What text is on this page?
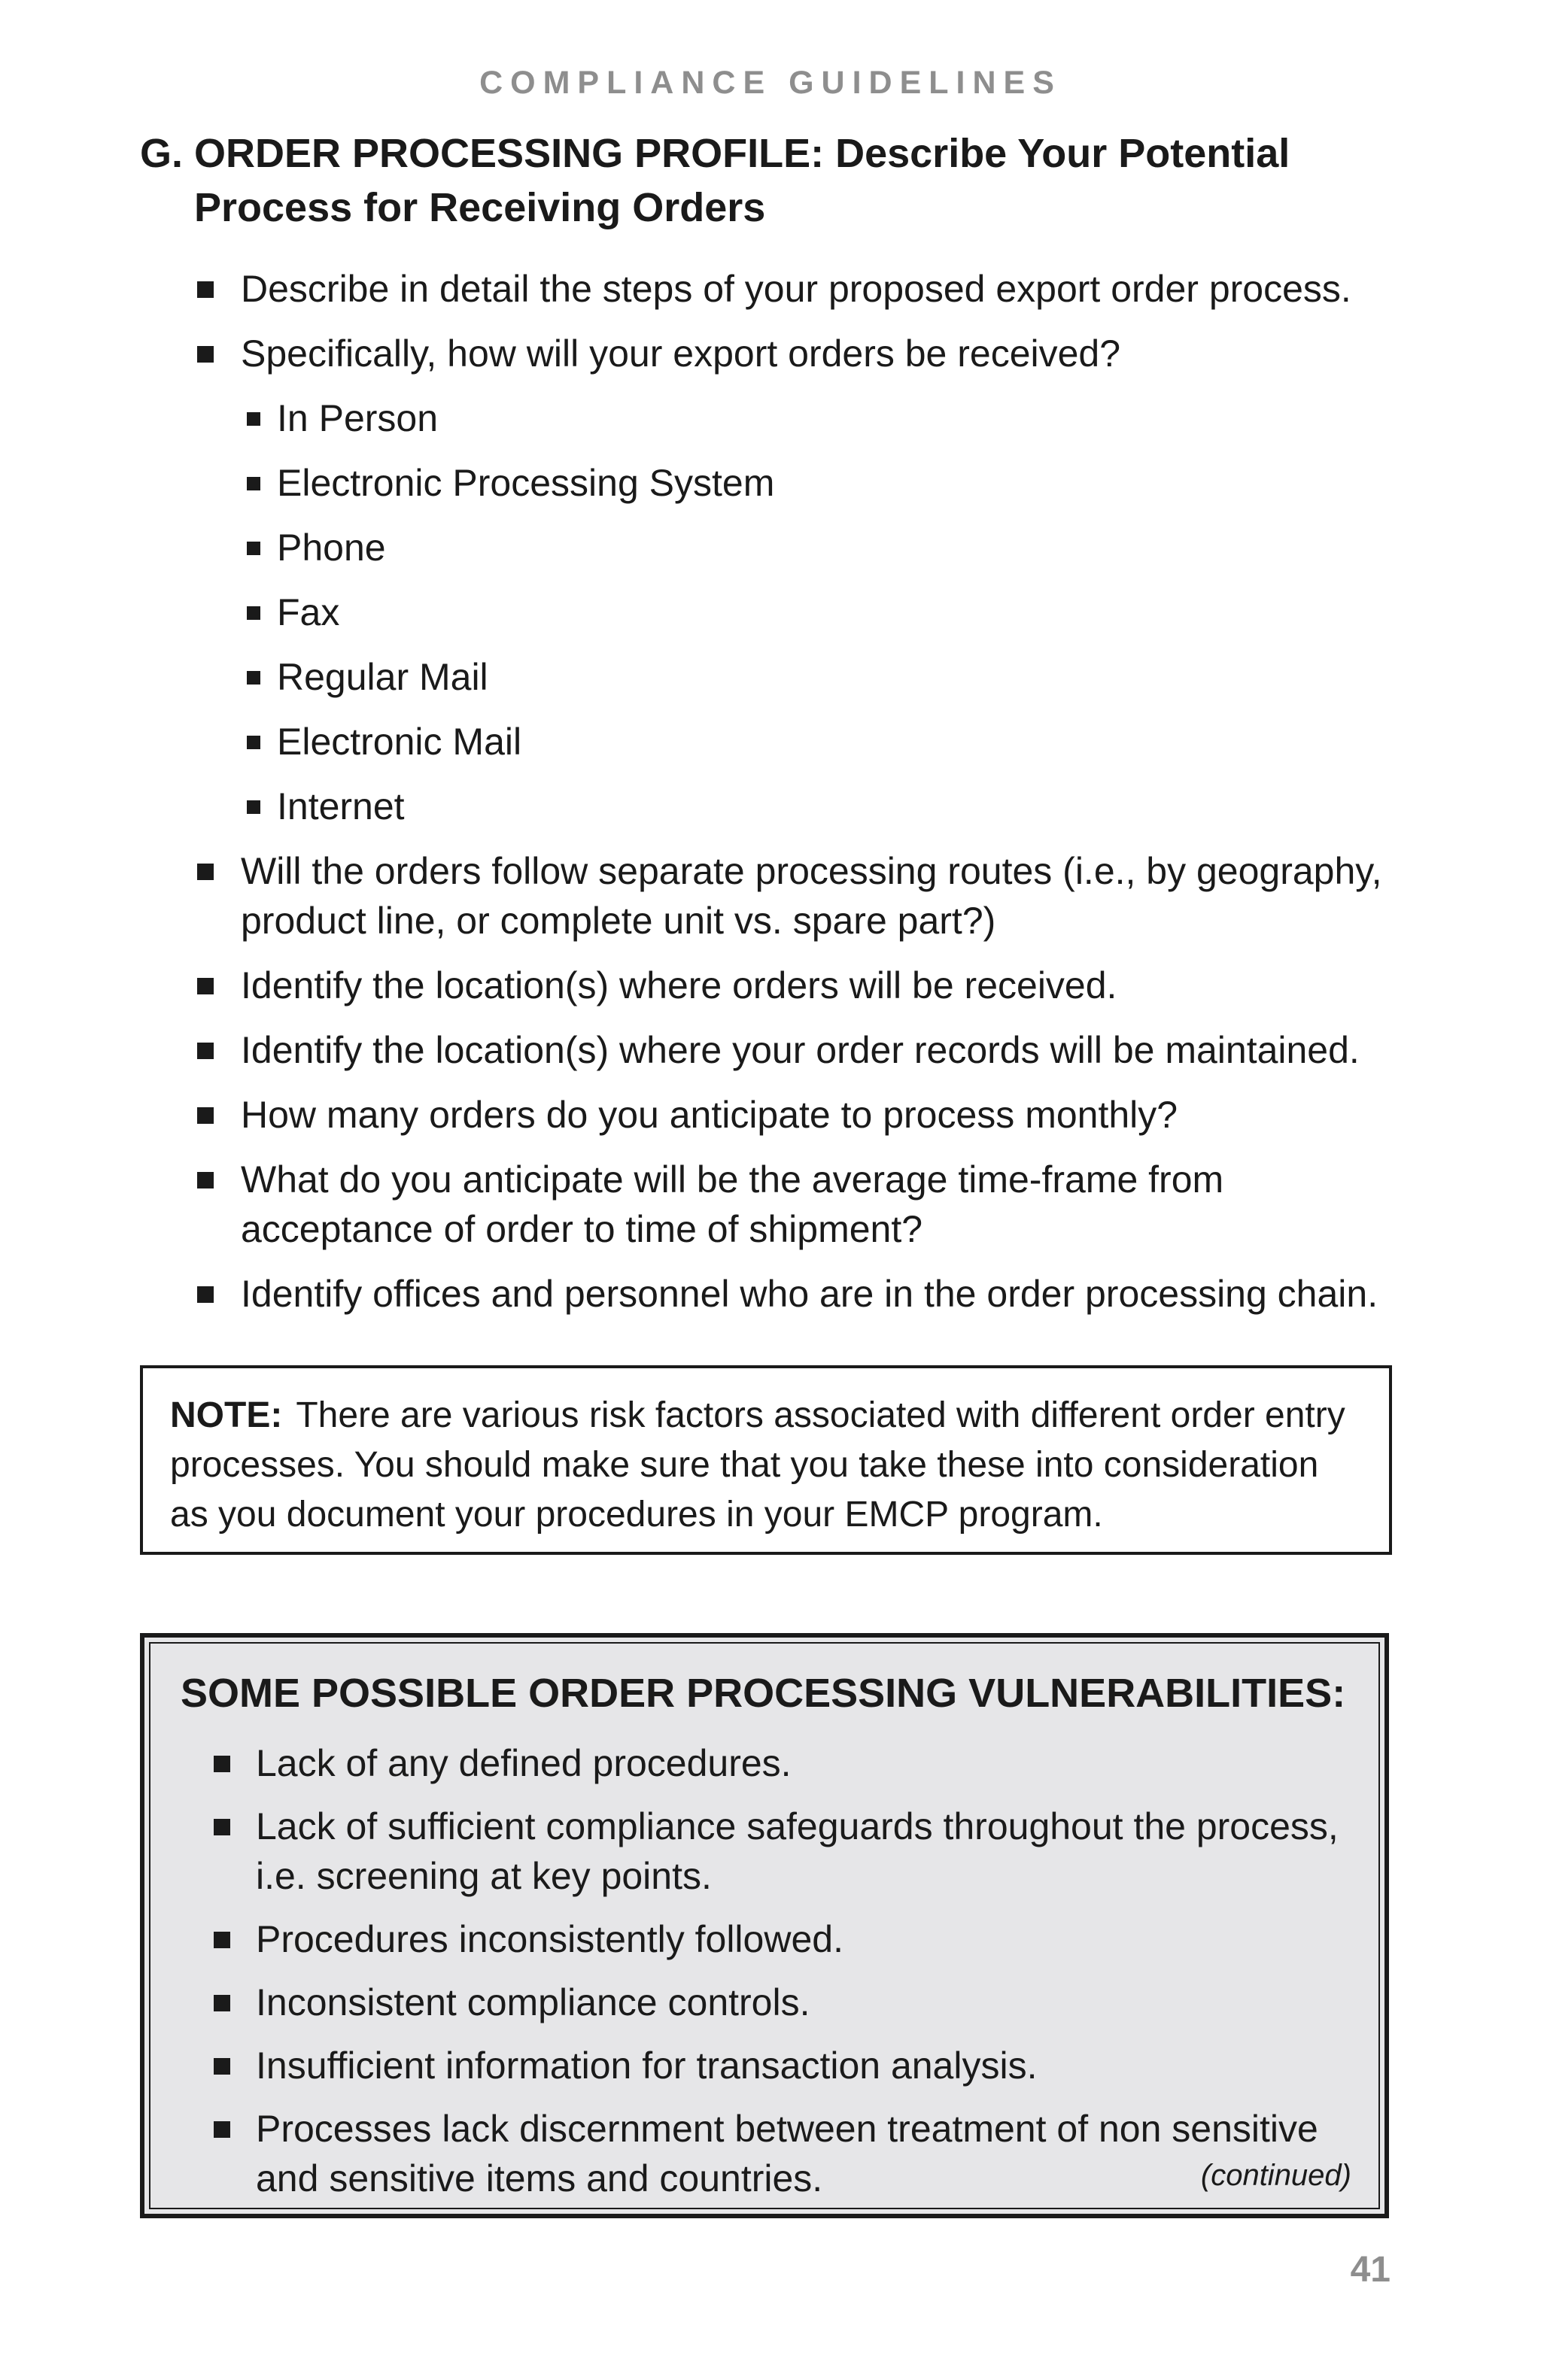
COMPLIANCE GUIDELINES
G. ORDER PROCESSING PROFILE: Describe Your Potential Process for Receiving Orders
Describe in detail the steps of your proposed export order process.
Specifically, how will your export orders be received?
In Person
Electronic Processing System
Phone
Fax
Regular Mail
Electronic Mail
Internet
Will the orders follow separate processing routes (i.e., by geography, product line, or complete unit vs. spare part?)
Identify the location(s) where orders will be received.
Identify the location(s) where your order records will be maintained.
How many orders do you anticipate to process monthly?
What do you anticipate will be the average time-frame from acceptance of order to time of shipment?
Identify offices and personnel who are in the order processing chain.
NOTE: There are various risk factors associated with different order entry processes. You should make sure that you take these into consideration as you document your procedures in your EMCP program.
SOME POSSIBLE ORDER PROCESSING VULNERABILITIES:
Lack of any defined procedures.
Lack of sufficient compliance safeguards throughout the process, i.e. screening at key points.
Procedures inconsistently followed.
Inconsistent compliance controls.
Insufficient information for transaction analysis.
Processes lack discernment between treatment of non sensitive and sensitive items and countries.	(continued)
41
